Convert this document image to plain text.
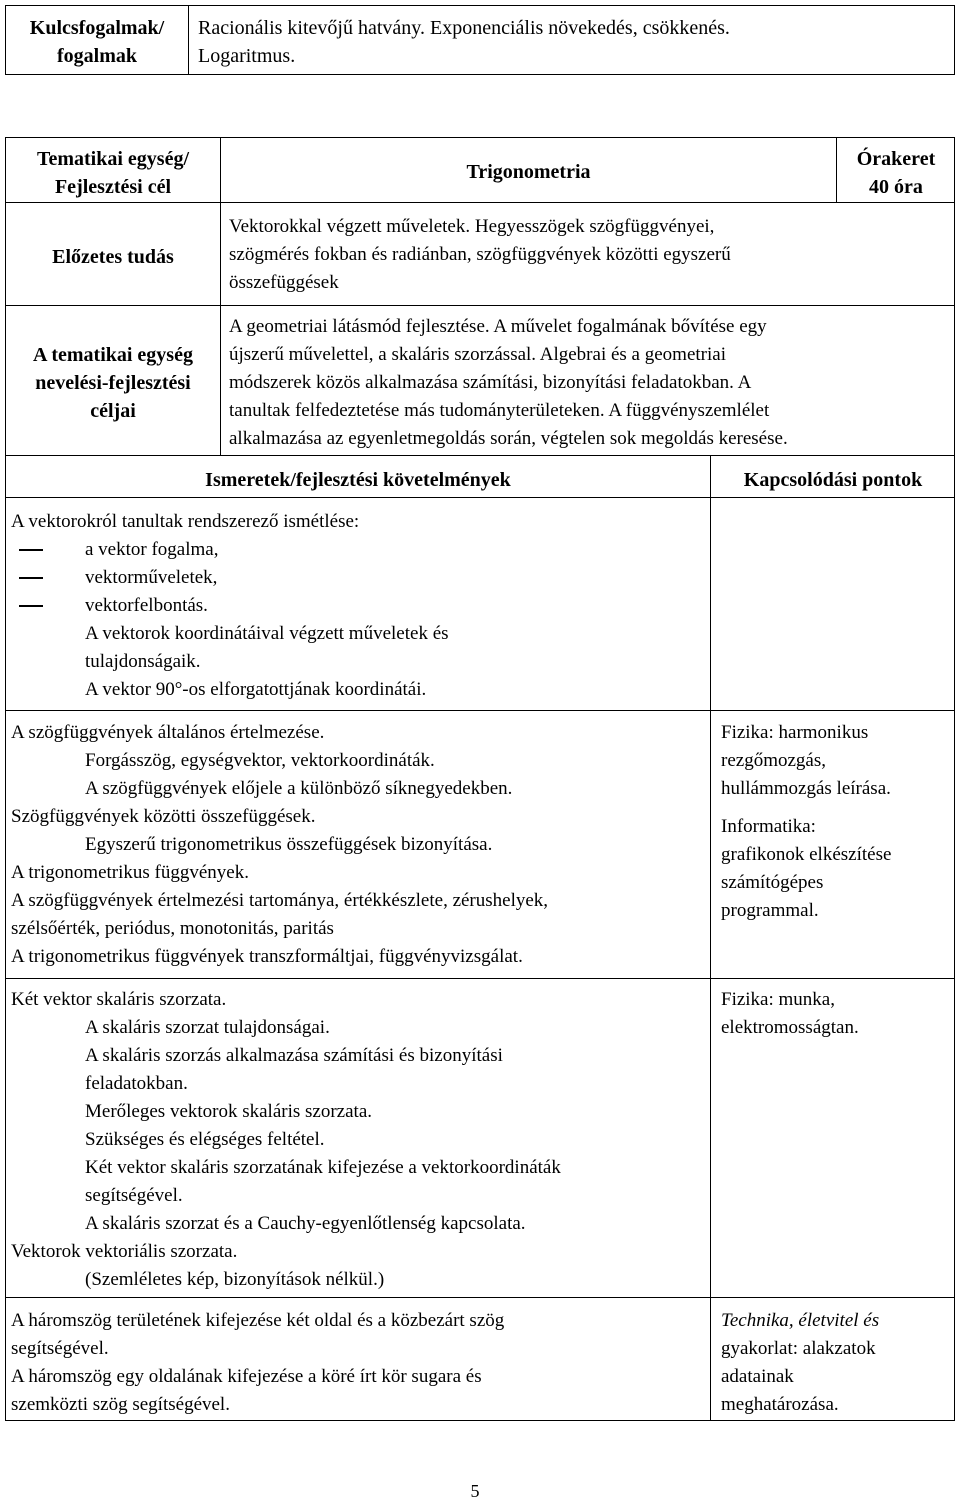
Kulcsfogalmak/
fogalmak
Racionális kitevőjű hatvány. Exponenciális növekedés, csökkenés.
Logaritmus.
Tematikai egység/
Fejlesztési cél
Trigonometria
Órakeret
40 óra
Előzetes tudás
Vektorokkal végzett műveletek. Hegyesszögek szögfüggvényei,
szögmérés fokban és radiánban, szögfüggvények közötti egyszerű
összefüggések
A tematikai egység
nevelési-fejlesztési
céljai
A geometriai látásmód fejlesztése. A művelet fogalmának bővítése egy
újszerű művelettel, a skaláris szorzással. Algebrai és a geometriai
módszerek közös alkalmazása számítási, bizonyítási feladatokban. A
tanultak felfedeztetése más tudományterületeken. A függvényszemlélet
alkalmazása az egyenletmegoldás során, végtelen sok megoldás keresése.
Ismeretek/fejlesztési követelmények	Kapcsolódási pontok
A vektorokról tanultak rendszerező ismétlése:
a vektor fogalma,
vektorműveletek,
vektorfelbontás.
A vektorok koordinátáival végzett műveletek és
tulajdonságaik.
A vektor 90°-os elforgatottjának koordinátái.
A szögfüggvények általános értelmezése.
Forgásszög, egységvektor, vektorkoordináták.
A szögfüggvények előjele a különböző síknegyedekben.
Szögfüggvények közötti összefüggések.
Egyszerű trigonometrikus összefüggések bizonyítása.
A trigonometrikus függvények.
A szögfüggvények értelmezési tartománya, értékkészlete, zérushelyek,
szélsőérték, periódus, monotonitás, paritás
A trigonometrikus függvények transzformáltjai, függvényvizsgálat.
Fizika: harmonikus
rezgőmozgás,
hullámmozgás leírása.
Informatika:
grafikonok elkészítése
számítógépes
programmal.
Két vektor skaláris szorzata.
A skaláris szorzat tulajdonságai.
A skaláris szorzás alkalmazása számítási és bizonyítási
feladatokban.
Merőleges vektorok skaláris szorzata.
Szükséges és elégséges feltétel.
Két vektor skaláris szorzatának kifejezése a vektorkoordináták
segítségével.
A skaláris szorzat és a Cauchy-egyenlőtlenség kapcsolata.
Vektorok vektoriális szorzata.
(Szemléletes kép, bizonyítások nélkül.)
Fizika: munka,
elektromosságtan.
A háromszög területének kifejezése két oldal és a közbezárt szög
segítségével.
A háromszög egy oldalának kifejezése a köré írt kör sugara és
szemközti szög segítségével.
Technika, életvitel és
gyakorlat: alakzatok
adatainak
meghatározása.
5
